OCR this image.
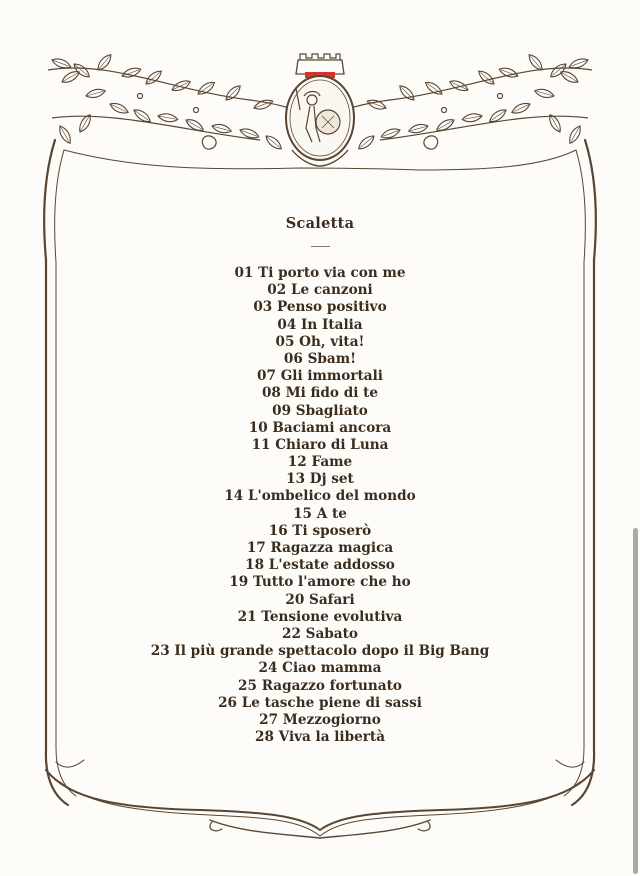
Scaletta
01 Ti porto via con me
02 Le canzoni
03 Penso positivo
04 In Italia
05 Oh, vita!
06 Sbam!
07 Gli immortali
08 Mi fido di te
09 Sbagliato
10 Baciami ancora
11 Chiaro di Luna
12 Fame
13 Dj set
14 L'ombelico del mondo
15 A te
16 Ti sposerò
17 Ragazza magica
18 L'estate addosso
19 Tutto l'amore che ho
20 Safari
21 Tensione evolutiva
22 Sabato
23 Il più grande spettacolo dopo il Big Bang
24 Ciao mamma
25 Ragazzo fortunato
26 Le tasche piene di sassi
27 Mezzogiorno
28 Viva la libertà
